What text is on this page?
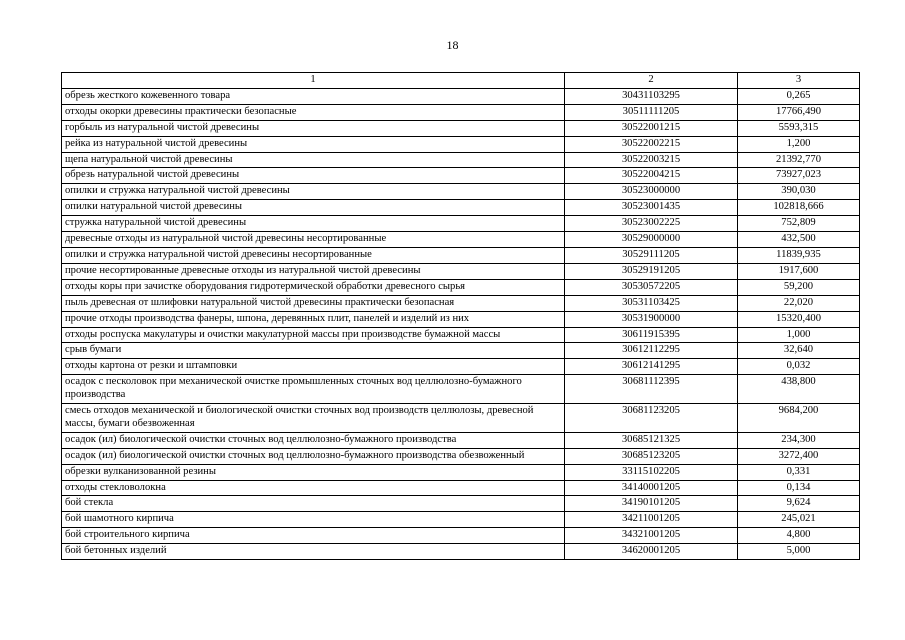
18
1	2	3
обрезь жесткого кожевенного товара	30431103295	0,265
отходы окорки древесины практически безопасные	30511111205	17766,490
горбыль из натуральной чистой древесины	30522001215	5593,315
рейка из натуральной чистой древесины	30522002215	1,200
щепа натуральной чистой древесины	30522003215	21392,770
обрезь натуральной чистой древесины	30522004215	73927,023
опилки и стружка натуральной чистой древесины	30523000000	390,030
опилки натуральной чистой древесины	30523001435	102818,666
стружка натуральной чистой древесины	30523002225	752,809
древесные отходы из натуральной чистой древесины несортированные	30529000000	432,500
опилки и стружка натуральной чистой древесины несортированные	30529111205	11839,935
прочие несортированные древесные отходы из натуральной чистой древесины	30529191205	1917,600
отходы коры при зачистке оборудования гидротермической обработки древесного сырья	30530572205	59,200
пыль древесная от шлифовки натуральной чистой древесины практически безопасная	30531103425	22,020
прочие отходы производства фанеры, шпона, деревянных плит, панелей и изделий из них	30531900000	15320,400
отходы роспуска макулатуры и очистки макулатурной массы при производстве бумажной массы	30611915395	1,000
срыв бумаги	30612112295	32,640
отходы картона от резки и штамповки	30612141295	0,032
осадок с песколовок при механической очистке промышленных сточных вод целлюлозно-бумажного производства	30681112395	438,800
смесь отходов механической и биологической очистки сточных вод производств целлюлозы, древесной массы, бумаги обезвоженная	30681123205	9684,200
осадок (ил) биологической очистки сточных вод целлюлозно-бумажного производства	30685121325	234,300
осадок (ил) биологической очистки сточных вод целлюлозно-бумажного производства обезвоженный	30685123205	3272,400
обрезки вулканизованной резины	33115102205	0,331
отходы стекловолокна	34140001205	0,134
бой стекла	34190101205	9,624
бой шамотного кирпича	34211001205	245,021
бой строительного кирпича	34321001205	4,800
бой бетонных изделий	34620001205	5,000
